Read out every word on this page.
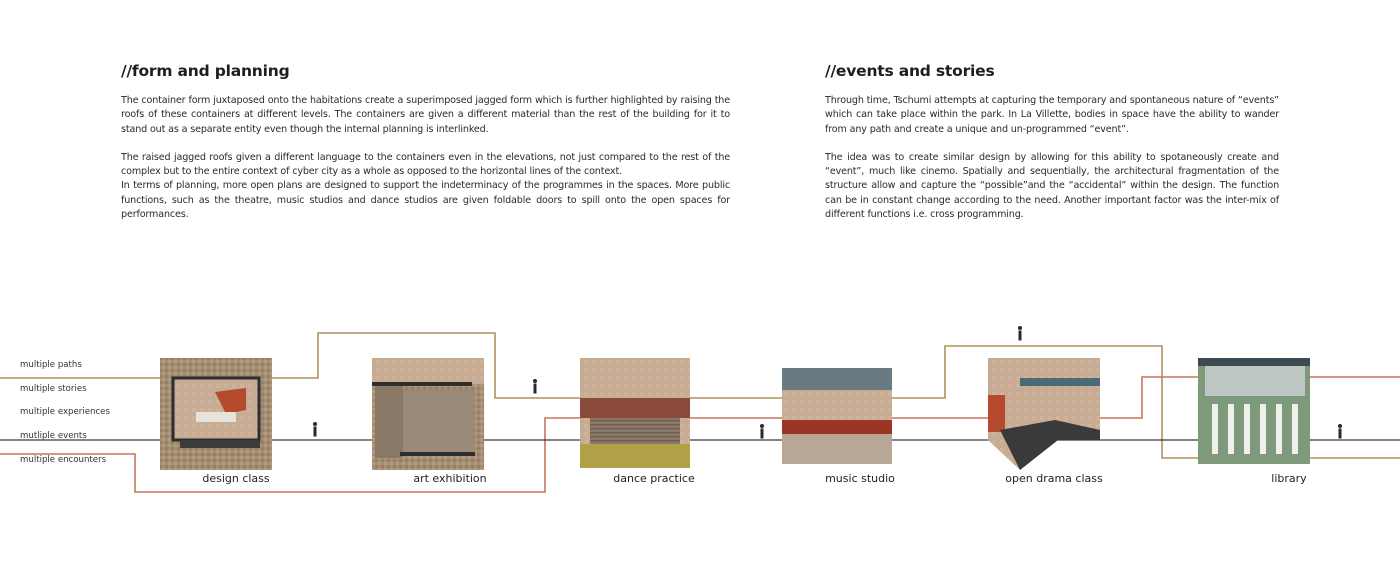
//form and planning

The container form juxtaposed onto the habitations create a superimposed jagged form which is further highlighted by raising the roofs of these containers at different levels. The containers are given a different material than the rest of the building for it to stand out as a separate entity even though the internal planning is interlinked.

The raised jagged roofs given a different language to the containers even in the elevations, not just compared to the rest of the complex but to the entire context of cyber city as a whole as opposed to the horizontal lines of the context.

In terms of planning, more open plans are designed to support the indeterminacy of the programmes in the spaces. More public functions, such as the theatre, music studios and dance studios are given foldable doors to spill onto the open spaces for performances.

//events and stories

Through time, Tschumi attempts at capturing the temporary and spontaneous nature of “events” which can take place within the park. In La Villette, bodies in space have the ability to wander from any path and create a unique and un-programmed “event”.

The idea was to create similar design by allowing for this ability to spotaneously create and “event”, much like cinemo. Spatially and sequentially, the architectural fragmentation of the structure allow and capture the “possible”and the “accidental” within the design. The function can be in constant change according to the need. Another important factor was the inter-mix of different functions i.e. cross programming.

multiple paths
multiple stories
multiple experiences
mutliple events
multiple encounters
design class	art exhibition	dance practice	music studio	open drama class	library
